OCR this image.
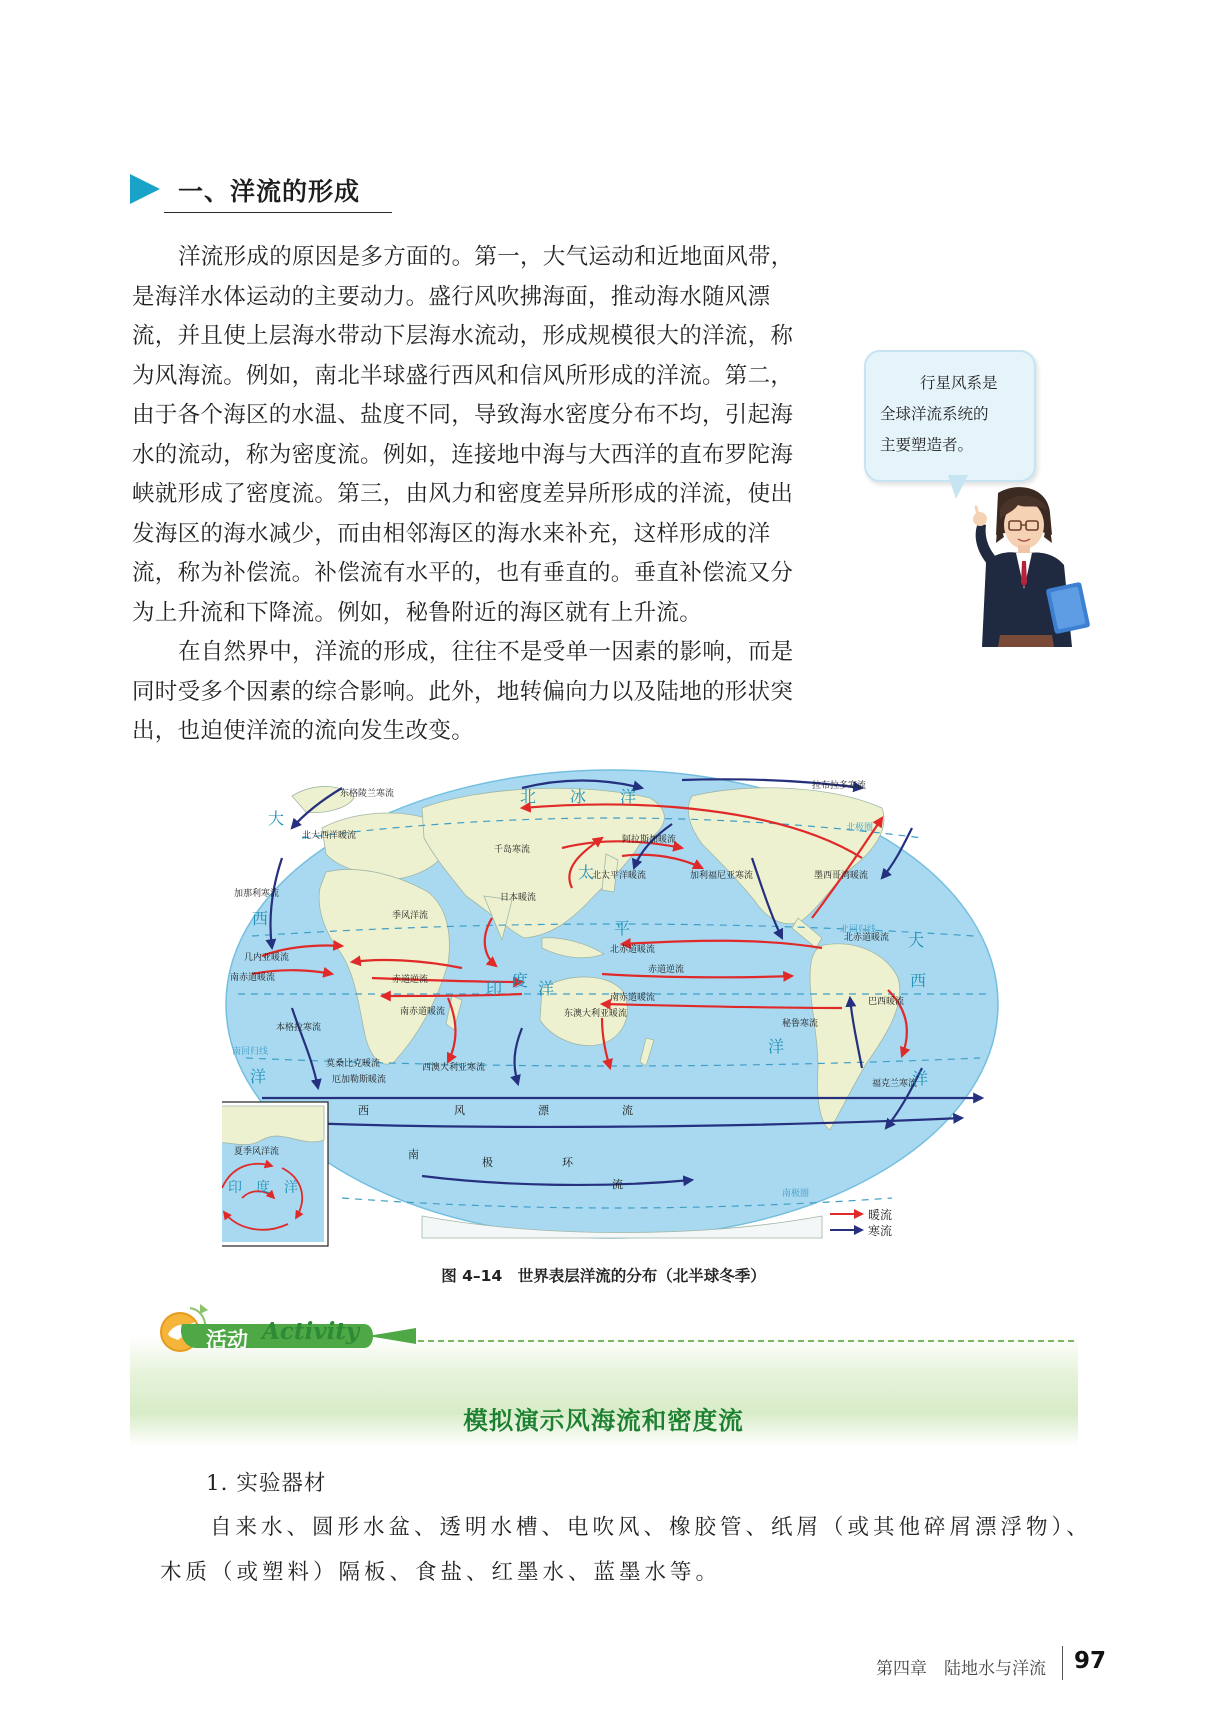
一、洋流的形成
洋流形成的原因是多方面的。第一，大气运动和近地面风带，
是海洋水体运动的主要动力。盛行风吹拂海面，推动海水随风漂
流，并且使上层海水带动下层海水流动，形成规模很大的洋流，称
为风海流。例如，南北半球盛行西风和信风所形成的洋流。第二，
由于各个海区的水温、盐度不同，导致海水密度分布不均，引起海
水的流动，称为密度流。例如，连接地中海与大西洋的直布罗陀海
峡就形成了密度流。第三，由风力和密度差异所形成的洋流，使出
发海区的海水减少，而由相邻海区的海水来补充，这样形成的洋
流，称为补偿流。补偿流有水平的，也有垂直的。垂直补偿流又分
为上升流和下降流。例如，秘鲁附近的海区就有上升流。
在自然界中，洋流的形成，往往不是受单一因素的影响，而是
同时受多个因素的综合影响。此外，地转偏向力以及陆地的形状突
出，也迫使洋流的流向发生改变。
行星风系是
全球洋流系统的
主要塑造者。
北 冰 洋
太
平
洋
大
西
洋
大
西
洋
印 度 洋
东格陵兰寒流
北大西洋暖流
加那利寒流
几内亚暖流
南赤道暖流
本格拉寒流
季风洋流
赤道逆流
南赤道暖流
莫桑比克暖流
厄加勒斯暖流
西澳大利亚寒流
东澳大利亚暖流
千岛寒流
日本暖流
阿拉斯加暖流
北太平洋暖流	加利福尼亚寒流
北赤道暖流
赤道逆流
南赤道暖流
秘鲁寒流
拉布拉多寒流
墨西哥湾暖流
北赤道暖流
巴西暖流
福克兰寒流
西	风	漂	流
南
极	环
流
北回归线
南回归线
南极圈
北极圈
夏季风洋流
印 度 洋
暖流
寒流
图 4–14　世界表层洋流的分布（北半球冬季）
活动 Activity
模拟演示风海流和密度流
1. 实验器材
自来水、圆形水盆、透明水槽、电吹风、橡胶管、纸屑（或其他碎屑漂浮物）、
木质（或塑料）隔板、食盐、红墨水、蓝墨水等。
第四章　陆地水与洋流 97
